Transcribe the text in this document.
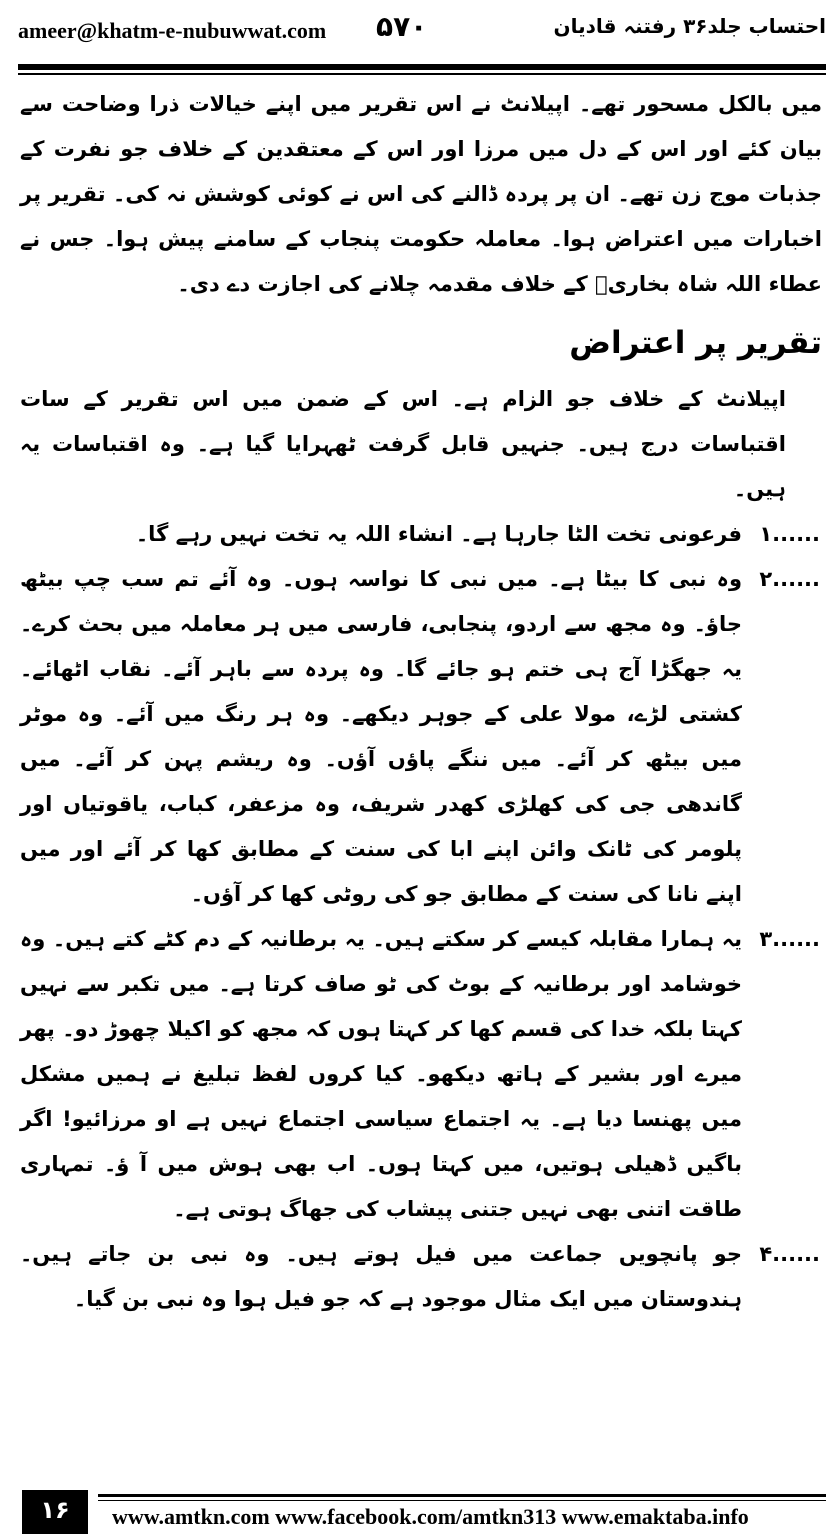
ameer@khatm-e-nubuwwat.com ۵۷۰	احتساب جلد۳۶ رفتنہ قادیان

میں بالکل مسحور تھے۔ اپیلانٹ نے اس تقریر میں اپنے خیالات ذرا وضاحت سے بیان کئے اور اس کے دل میں مرزا اور اس کے معتقدین کے خلاف جو نفرت کے جذبات موج زن تھے۔ ان پر پردہ ڈالنے کی اس نے کوئی کوشش نہ کی۔ تقریر پر اخبارات میں اعتراض ہوا۔ معاملہ حکومت پنجاب کے سامنے پیش ہوا۔ جس نے عطاء اللہ شاہ بخاریؒ کے خلاف مقدمہ چلانے کی اجازت دے دی۔

تقریر پر اعتراض

اپیلانٹ کے خلاف جو الزام ہے۔ اس کے ضمن میں اس تقریر کے سات اقتباسات درج ہیں۔ جنہیں قابل گرفت ٹھہرایا گیا ہے۔ وہ اقتباسات یہ ہیں۔

۱......

فرعونی تخت الٹا جارہا ہے۔ انشاء اللہ یہ تخت نہیں رہے گا۔

۲......

وہ نبی کا بیٹا ہے۔ میں نبی کا نواسہ ہوں۔ وہ آئے تم سب چپ بیٹھ جاؤ۔ وہ مجھ سے اردو، پنجابی، فارسی میں ہر معاملہ میں بحث کرے۔ یہ جھگڑا آج ہی ختم ہو جائے گا۔ وہ پردہ سے باہر آئے۔ نقاب اٹھائے۔ کشتی لڑے، مولا علی کے جوہر دیکھے۔ وہ ہر رنگ میں آئے۔ وہ موٹر میں بیٹھ کر آئے۔ میں ننگے پاؤں آؤں۔ وہ ریشم پہن کر آئے۔ میں گاندھی جی کی کھلڑی کھدر شریف، وہ مزعفر، کباب، یاقوتیاں اور پلومر کی ٹانک وائن اپنے ابا کی سنت کے مطابق کھا کر آئے اور میں اپنے نانا کی سنت کے مطابق جو کی روٹی کھا کر آؤں۔

۳......

یہ ہمارا مقابلہ کیسے کر سکتے ہیں۔ یہ برطانیہ کے دم کٹے کتے ہیں۔ وہ خوشامد اور برطانیہ کے بوٹ کی ٹو صاف کرتا ہے۔ میں تکبر سے نہیں کہتا بلکہ خدا کی قسم کھا کر کہتا ہوں کہ مجھ کو اکیلا چھوڑ دو۔ پھر میرے اور بشیر کے ہاتھ دیکھو۔ کیا کروں لفظ تبلیغ نے ہمیں مشکل میں پھنسا دیا ہے۔ یہ اجتماع سیاسی اجتماع نہیں ہے او مرزائیو! اگر باگیں ڈھیلی ہوتیں، میں کہتا ہوں۔ اب بھی ہوش میں آ ؤ۔ تمہاری طاقت اتنی بھی نہیں جتنی پیشاب کی جھاگ ہوتی ہے۔

۴......

جو پانچویں جماعت میں فیل ہوتے ہیں۔ وہ نبی بن جاتے ہیں۔ ہندوستان میں ایک مثال موجود ہے کہ جو فیل ہوا وہ نبی بن گیا۔

۱۶	www.amtkn.com www.facebook.com/amtkn313 www.emaktaba.info
